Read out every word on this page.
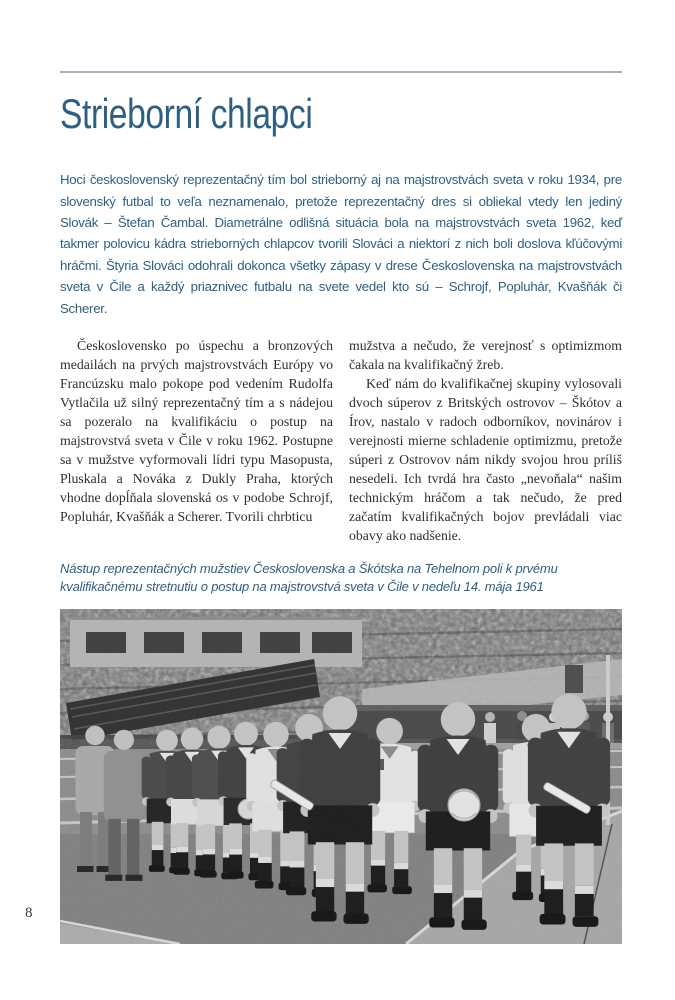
Strieborní chlapci

Hoci československý reprezentačný tím bol strieborný aj na majstrovstvách sveta v roku 1934, pre slovenský futbal to veľa neznamenalo, pretože reprezentačný dres si obliekal vtedy len jediný Slovák – Štefan Čambal. Diametrálne odlišná situácia bola na majstrovstvách sveta 1962, keď takmer polovicu kádra strieborných chlapcov tvorili Slováci a niektorí z nich boli doslova kľúčovými hráčmi. Štyria Slováci odohrali dokonca všetky zápasy v drese Československa na majstrovstvách sveta v Čile a každý priaznivec futbalu na svete vedel kto sú – Schrojf, Popluhár, Kvašňák či Scherer.

Československo po úspechu a bronzových medailách na prvých majstrovstvách Európy vo Francúzsku malo pokope pod vedením Rudolfa Vytlačila už silný reprezentačný tím a s nádejou sa pozeralo na kvalifikáciu o postup na majstrovstvá sveta v Čile v roku 1962. Postupne sa v mužstve vyformovali lídri typu Masopusta, Pluskala a Nováka z Dukly Praha, ktorých vhodne dopĺňala slovenská os v podobe Schrojf, Popluhár, Kvašňák a Scherer. Tvorili chrbticu

mužstva a nečudo, že verejnosť s optimizmom čakala na kvalifikačný žreb.

Keď nám do kvalifikačnej skupiny vylosovali dvoch súperov z Britských ostrovov – Škótov a Írov, nastalo v radoch odborníkov, novinárov i verejnosti mierne schladenie optimizmu, pretože súperi z Ostrovov nám nikdy svojou hrou príliš nesedeli. Ich tvrdá hra často „nevoňala“ našim technickým hráčom a tak nečudo, že pred začatím kvalifikačných bojov prevládali viac obavy ako nadšenie.

Nástup reprezentačných mužstiev Československa a Škótska na Tehelnom poli k prvému kvalifikačnému stretnutiu o postup na majstrovstvá sveta v Čile v nedeľu 14. mája 1961

8
